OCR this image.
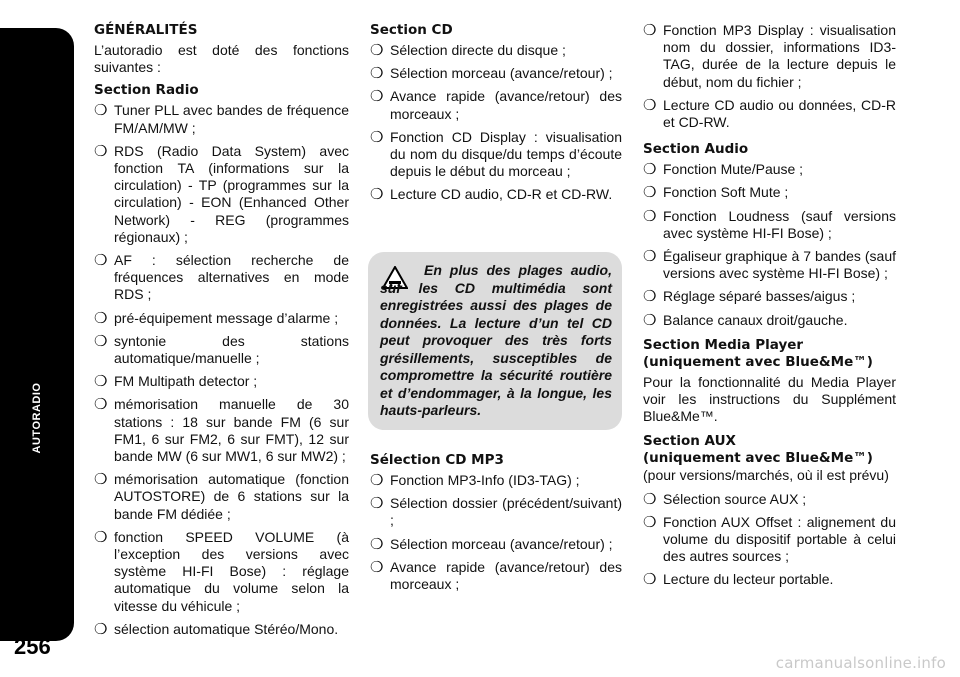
AUTORADIO
256
GÉNÉRALITÉS
L’autoradio est doté des fonctions suivantes :
Section Radio
❍ Tuner PLL avec bandes de fréquence FM/AM/MW ;
❍ RDS (Radio Data System) avec fonction TA (informations sur la circulation) - TP (programmes sur la circulation) - EON (Enhanced Other Network) - REG (programmes régionaux) ;
❍ AF : sélection recherche de fréquences alternatives en mode RDS ;
❍ pré-équipement message d’alarme ;
❍ syntonie des stations automatique/manuelle ;
❍ FM Multipath detector ;
❍ mémorisation manuelle de 30 stations : 18 sur bande FM (6 sur FM1, 6 sur FM2, 6 sur FMT), 12 sur bande MW (6 sur MW1, 6 sur MW2) ;
❍ mémorisation automatique (fonction AUTOSTORE) de 6 stations sur la bande FM dédiée ;
❍ fonction SPEED VOLUME (à l’exception des versions avec système HI-FI Bose) : réglage automatique du volume selon la vitesse du véhicule ;
❍ sélection automatique Stéréo/Mono.
Section CD
❍ Sélection directe du disque ;
❍ Sélection morceau (avance/retour) ;
❍ Avance rapide (avance/retour) des morceaux ;
❍ Fonction CD Display : visualisation du nom du disque/du temps d’écoute depuis le début du morceau ;
❍ Lecture CD audio, CD-R et CD-RW.
En plus des plages audio, sur les CD multimédia sont enregistrées aussi des plages de données. La lecture d’un tel CD peut provoquer des très forts grésillements, susceptibles de compromettre la sécurité routière et d’endommager, à la longue, les hauts-parleurs.
Sélection CD MP3
❍ Fonction MP3-Info (ID3-TAG) ;
❍ Sélection dossier (précédent/suivant) ;
❍ Sélection morceau (avance/retour) ;
❍ Avance rapide (avance/retour) des morceaux ;
❍ Fonction MP3 Display : visualisation nom du dossier, informations ID3-TAG, durée de la lecture depuis le début, nom du fichier ;
❍ Lecture CD audio ou données, CD-R et CD-RW.
Section Audio
❍ Fonction Mute/Pause ;
❍ Fonction Soft Mute ;
❍ Fonction Loudness (sauf versions avec système HI-FI Bose) ;
❍ Égaliseur graphique à 7 bandes (sauf versions avec système HI-FI Bose) ;
❍ Réglage séparé basses/aigus ;
❍ Balance canaux droit/gauche.
Section Media Player
(uniquement avec Blue&Me™)
Pour la fonctionnalité du Media Player voir les instructions du Supplément Blue&Me™.
Section AUX
(uniquement avec Blue&Me™)
(pour versions/marchés, où il est prévu)
❍ Sélection source AUX ;
❍ Fonction AUX Offset : alignement du volume du dispositif portable à celui des autres sources ;
❍ Lecture du lecteur portable.
carmanualsonline.info
